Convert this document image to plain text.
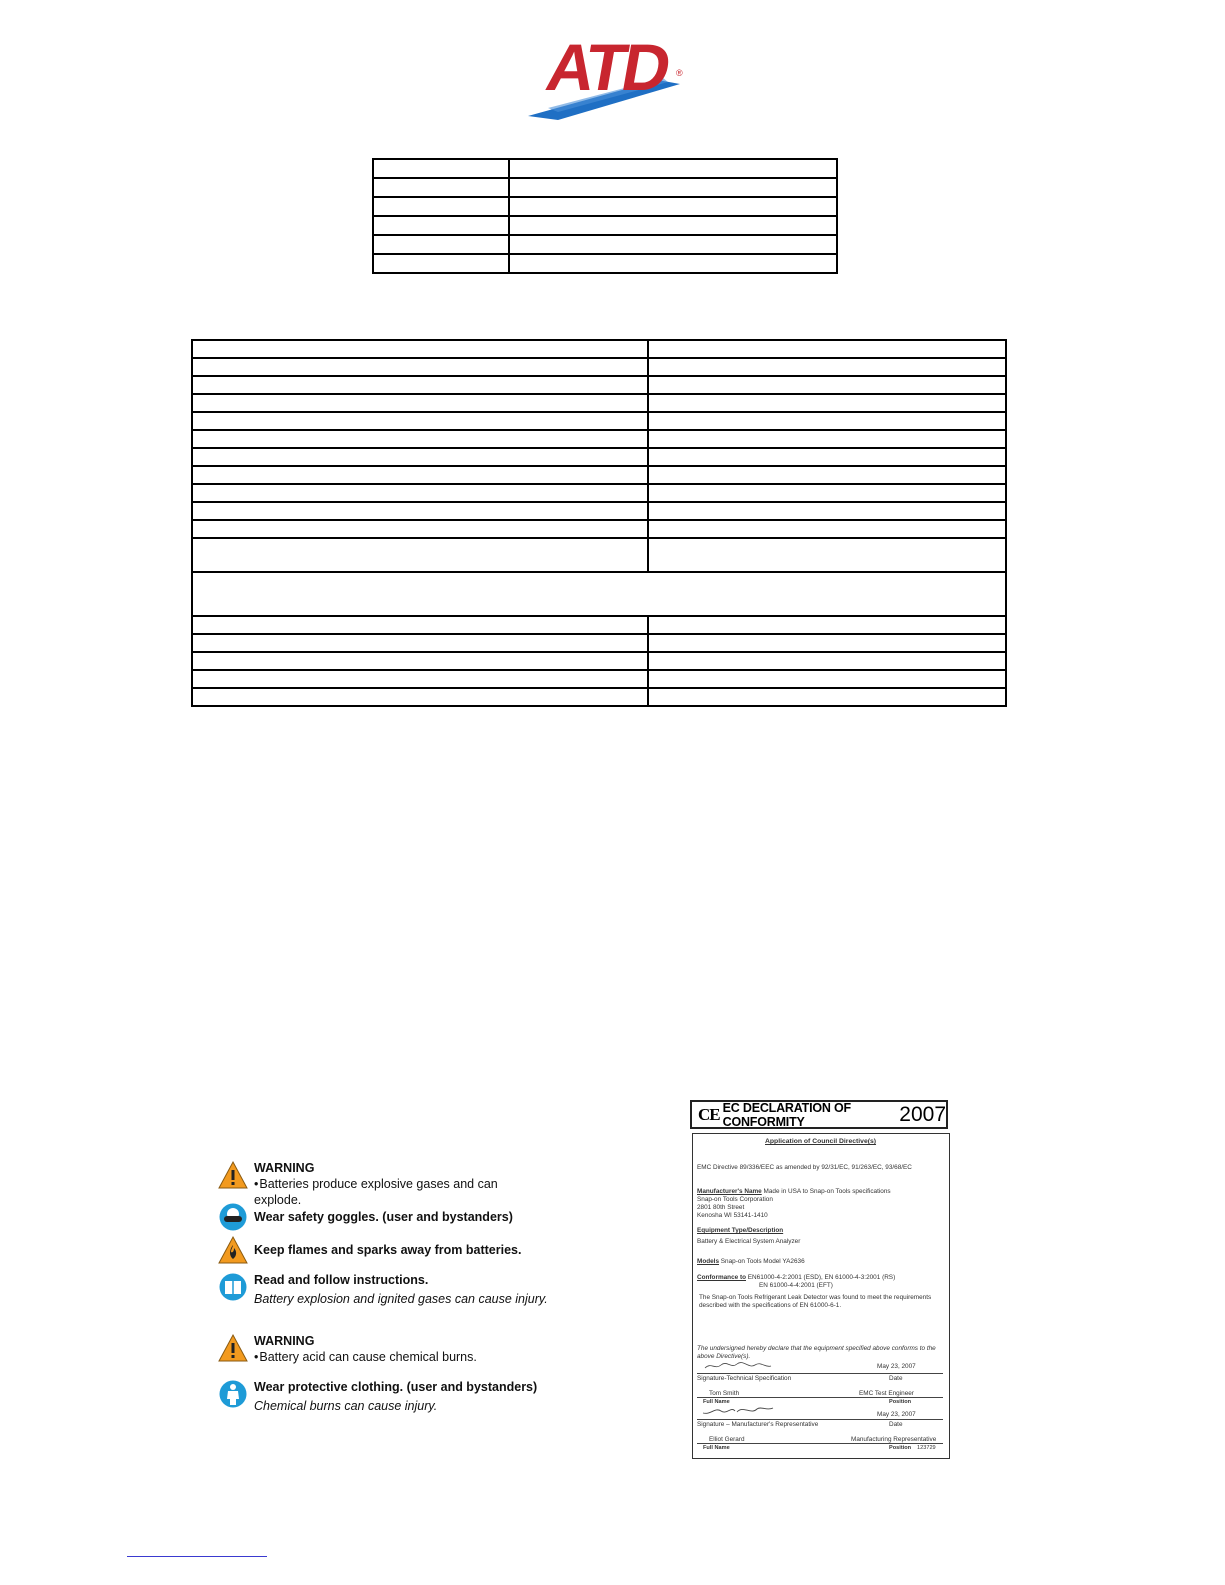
ATD ®

WARNING
• Batteries produce explosive gases and can explode.
Wear safety goggles. (user and bystanders)
Keep flames and sparks away from batteries.
Read and follow instructions.
Battery explosion and ignited gases can cause injury.
WARNING
• Battery acid can cause chemical burns.
Wear protective clothing. (user and bystanders)
Chemical burns can cause injury.
CE EC DECLARATION OF CONFORMITY	2007
Application of Council Directive(s)
EMC Directive 89/336/EEC as amended by 92/31/EC, 91/263/EC, 93/68/EC
Manufacturer's Name Made in USA to Snap-on Tools specifications
Snap-on Tools Corporation
2801 80th Street
Kenosha WI 53141-1410
Equipment Type/Description
Battery & Electrical System Analyzer
Models Snap-on Tools Model YA2636
Conformance to EN61000-4-2:2001 (ESD), EN 61000-4-3:2001 (RS)
EN 61000-4-4:2001 (EFT)
The Snap-on Tools Refrigerant Leak Detector was found to meet the requirements
described with the specifications of EN 61000-6-1.
The undersigned hereby declare that the equipment specified above conforms to the
above Directive(s).
May 23, 2007
Signature-Technical Specification	Date
Tom Smith	EMC Test Engineer
Full Name	Position
May 23, 2007
Signature – Manufacturer's Representative	Date
Elliot Gerard	Manufacturing Representative
Full Name	Position 123729
